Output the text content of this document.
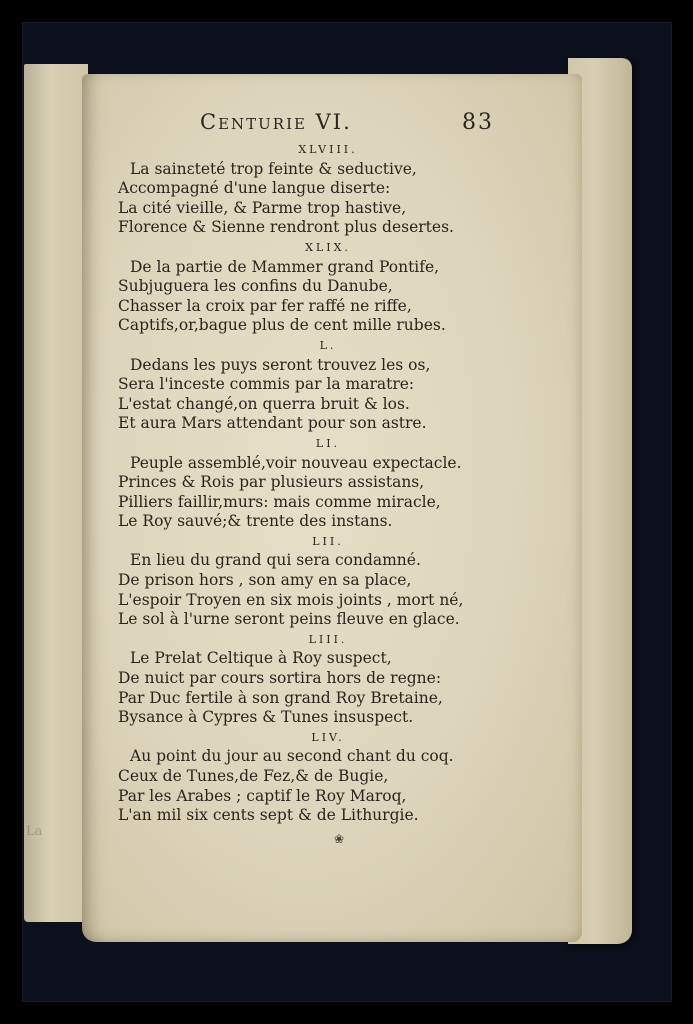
La
Centurie VI.	83
XLVIII.
La sainɛteté trop feinte & seductive,
Accompagné d'une langue diserte:
La cité vieille, & Parme trop hastive,
Florence & Sienne rendront plus desertes.
XLIX.
De la partie de Mammer grand Pontife,
Subjuguera les confins du Danube,
Chasser la croix par fer raffé ne riffe,
Captifs,or,bague plus de cent mille rubes.
L.
Dedans les puys seront trouvez les os,
Sera l'inceste commis par la maratre:
L'estat changé,on querra bruit & los.
Et aura Mars attendant pour son astre.
LI.
Peuple assemblé,voir nouveau expectacle.
Princes & Rois par plusieurs assistans,
Pilliers faillir,murs: mais comme miracle,
Le Roy sauvé;& trente des instans.
LII.
En lieu du grand qui sera condamné.
De prison hors , son amy en sa place,
L'espoir Troyen en six mois joints , mort né,
Le sol à l'urne seront peins fleuve en glace.
LIII.
Le Prelat Celtique à Roy suspect,
De nuict par cours sortira hors de regne:
Par Duc fertile à son grand Roy Bretaine,
Bysance à Cypres & Tunes insuspect.
LIV.
Au point du jour au second chant du coq.
Ceux de Tunes,de Fez,& de Bugie,
Par les Arabes ; captif le Roy Maroq,
L'an mil six cents sept & de Lithurgie.
❀
